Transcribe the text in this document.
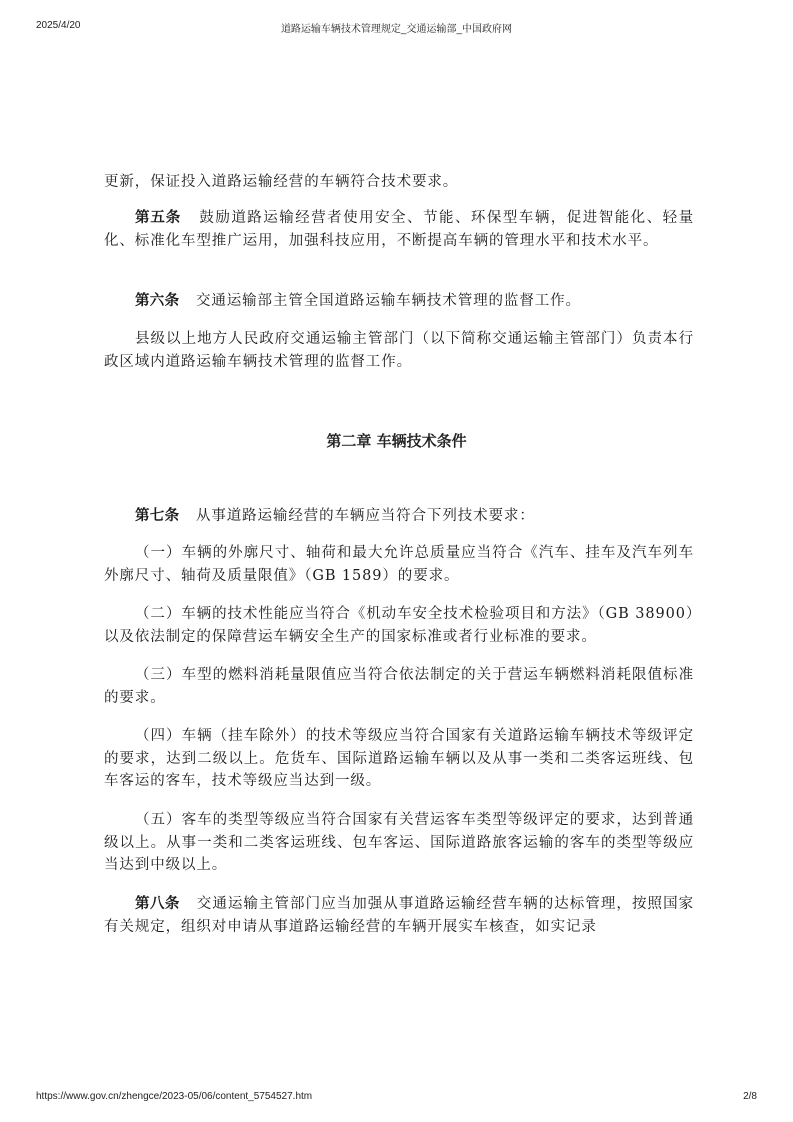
2025/4/20	道路运输车辆技术管理规定_交通运输部_中国政府网

更新，保证投入道路运输经营的车辆符合技术要求。

第五条 鼓励道路运输经营者使用安全、节能、环保型车辆，促进智能化、轻量化、标准化车型推广运用，加强科技应用，不断提高车辆的管理水平和技术水平。

第六条 交通运输部主管全国道路运输车辆技术管理的监督工作。

县级以上地方人民政府交通运输主管部门（以下简称交通运输主管部门）负责本行政区域内道路运输车辆技术管理的监督工作。

第二章 车辆技术条件

第七条 从事道路运输经营的车辆应当符合下列技术要求：

（一）车辆的外廓尺寸、轴荷和最大允许总质量应当符合《汽车、挂车及汽车列车外廓尺寸、轴荷及质量限值》（GB 1589）的要求。

（二）车辆的技术性能应当符合《机动车安全技术检验项目和方法》（GB 38900）以及依法制定的保障营运车辆安全生产的国家标准或者行业标准的要求。

（三）车型的燃料消耗量限值应当符合依法制定的关于营运车辆燃料消耗限值标准的要求。

（四）车辆（挂车除外）的技术等级应当符合国家有关道路运输车辆技术等级评定的要求，达到二级以上。危货车、国际道路运输车辆以及从事一类和二类客运班线、包车客运的客车，技术等级应当达到一级。

（五）客车的类型等级应当符合国家有关营运客车类型等级评定的要求，达到普通级以上。从事一类和二类客运班线、包车客运、国际道路旅客运输的客车的类型等级应当达到中级以上。

第八条 交通运输主管部门应当加强从事道路运输经营车辆的达标管理，按照国家有关规定，组织对申请从事道路运输经营的车辆开展实车核查，如实记录

https://www.gov.cn/zhengce/2023-05/06/content_5754527.htm	2/8
